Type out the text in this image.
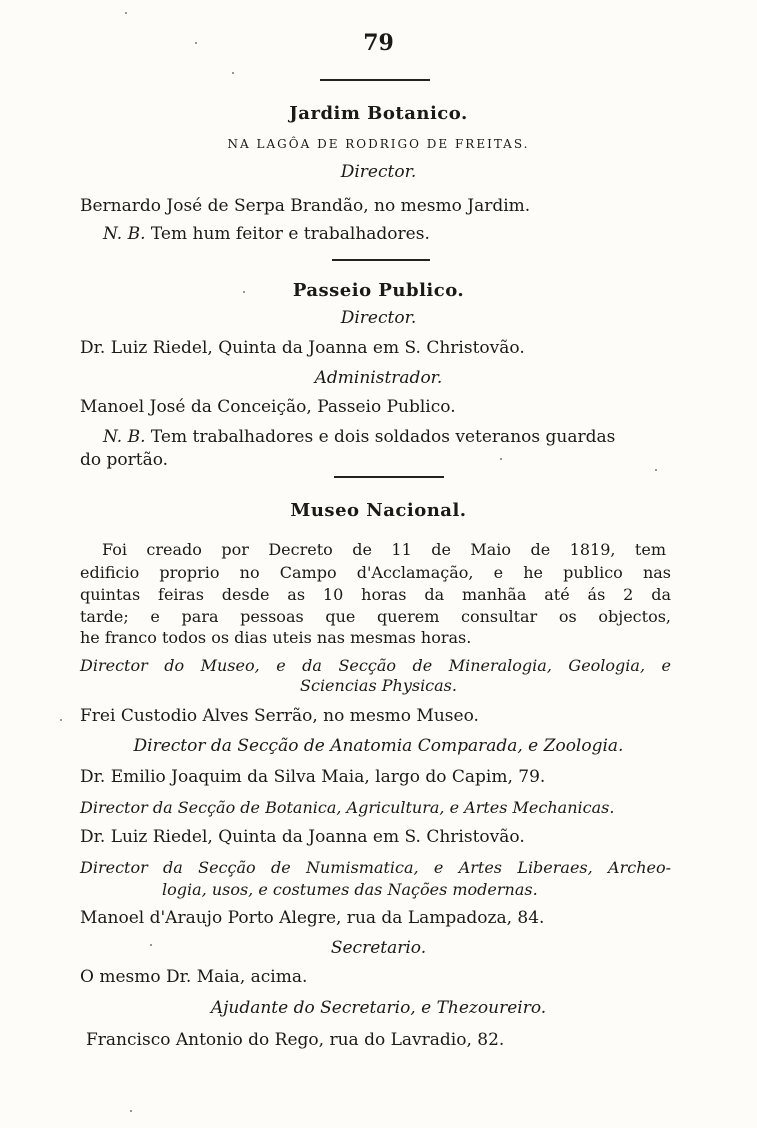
79
Jardim Botanico.
NA LAGÔA DE RODRIGO DE FREITAS.
Director.
Bernardo José de Serpa Brandão, no mesmo Jardim.
N. B. Tem hum feitor e trabalhadores.
Passeio Publico.
Director.
Dr. Luiz Riedel, Quinta da Joanna em S. Christovão.
Administrador.
Manoel José da Conceição, Passeio Publico.
N. B. Tem trabalhadores e dois soldados veteranos guardas
do portão.
Museo Nacional.
Foi creado por Decreto de 11 de Maio de 1819, tem
edificio proprio no Campo d'Acclamação, e he publico nas
quintas feiras desde as 10 horas da manhãa até ás 2 da
tarde; e para pessoas que querem consultar os objectos,
he franco todos os dias uteis nas mesmas horas.
Director do Museo, e da Secção de Mineralogia, Geologia, e
Sciencias Physicas.
Frei Custodio Alves Serrão, no mesmo Museo.
Director da Secção de Anatomia Comparada, e Zoologia.
Dr. Emilio Joaquim da Silva Maia, largo do Capim, 79.
Director da Secção de Botanica, Agricultura, e Artes Mechanicas.
Dr. Luiz Riedel, Quinta da Joanna em S. Christovão.
Director da Secção de Numismatica, e Artes Liberaes, Archeo-
logia, usos, e costumes das Nações modernas.
Manoel d'Araujo Porto Alegre, rua da Lampadoza, 84.
Secretario.
O mesmo Dr. Maia, acima.
Ajudante do Secretario, e Thezoureiro.
Francisco Antonio do Rego, rua do Lavradio, 82.
